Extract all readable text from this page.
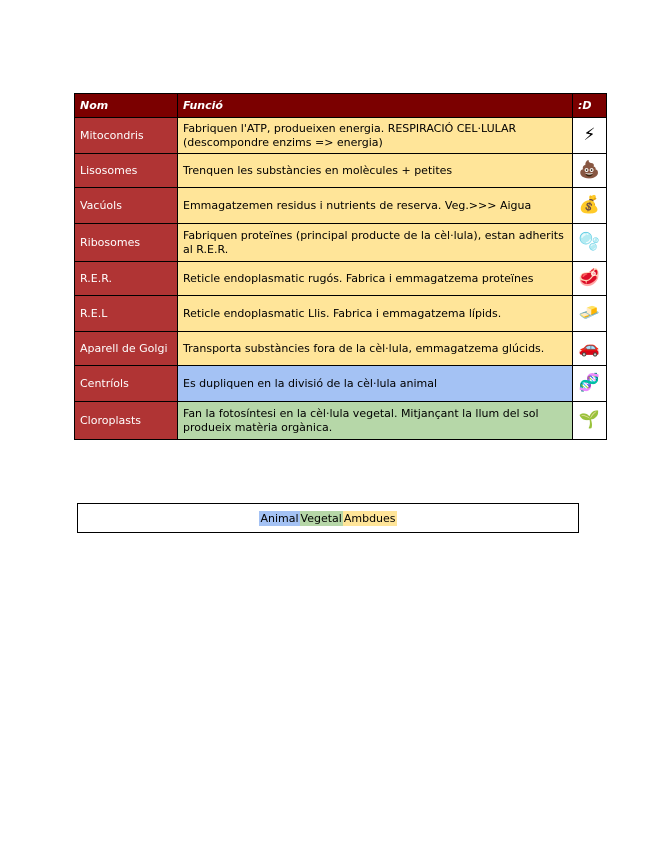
Nom	Funció	:D
Mitocondris	Fabriquen l'ATP, produeixen energia. RESPIRACIÓ CEL·LULAR (descompondre enzims => energia)	⚡
Lisosomes	Trenquen les substàncies en molècules + petites	💩
Vacúols	Emmagatzemen residus i nutrients de reserva. Veg.>>> Aigua	💰
Ribosomes	Fabriquen proteïnes (principal producte de la cèl·lula), estan adherits al R.E.R.	🫧
R.E.R.	Reticle endoplasmatic rugós. Fabrica i emmagatzema proteïnes	🥩
R.E.L	Reticle endoplasmatic Llis. Fabrica i emmagatzema lípids.	🧈
Aparell de Golgi	Transporta substàncies fora de la cèl·lula, emmagatzema glúcids.	🚗
Centríols	Es dupliquen en la divisió de la cèl·lula animal	🧬
Cloroplasts	Fan la fotosíntesi en la cèl·lula vegetal. Mitjançant la llum del sol produeix matèria orgànica.	🌱
Animal Vegetal Ambdues
